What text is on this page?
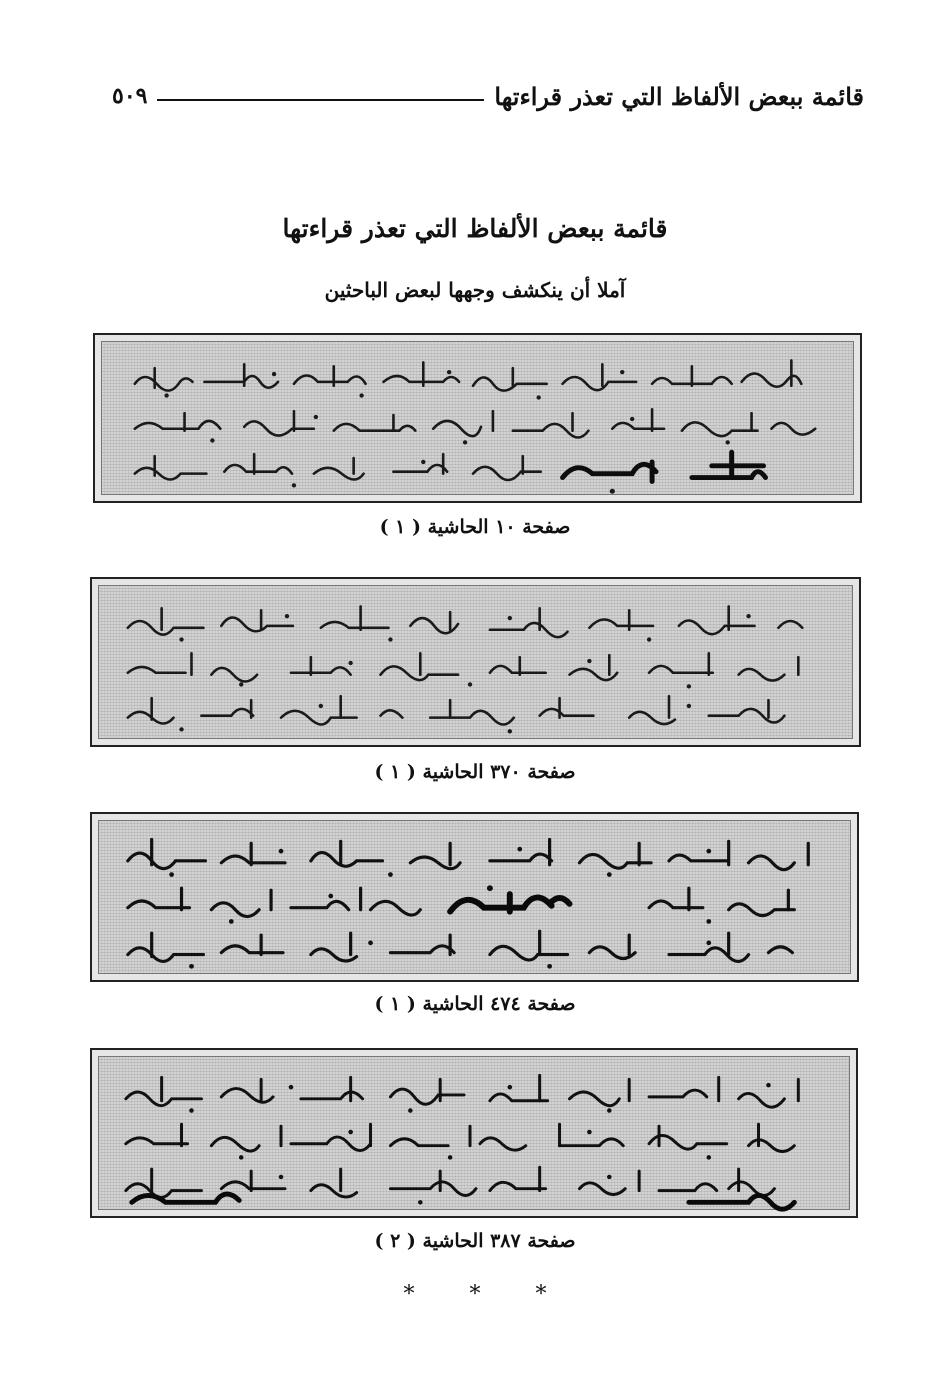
قائمة ببعض الألفاظ التي تعذر قراءتها
٥٠٩
قائمة ببعض الألفاظ التي تعذر قراءتها
آملا أن ينكشف وجهها لبعض الباحثين
صفحة ١٠ الحاشية ( ١ )
صفحة ٣٧٠ الحاشية ( ١ )
صفحة ٤٧٤ الحاشية ( ١ )
صفحة ٣٨٧ الحاشية ( ٢ )
* * *
